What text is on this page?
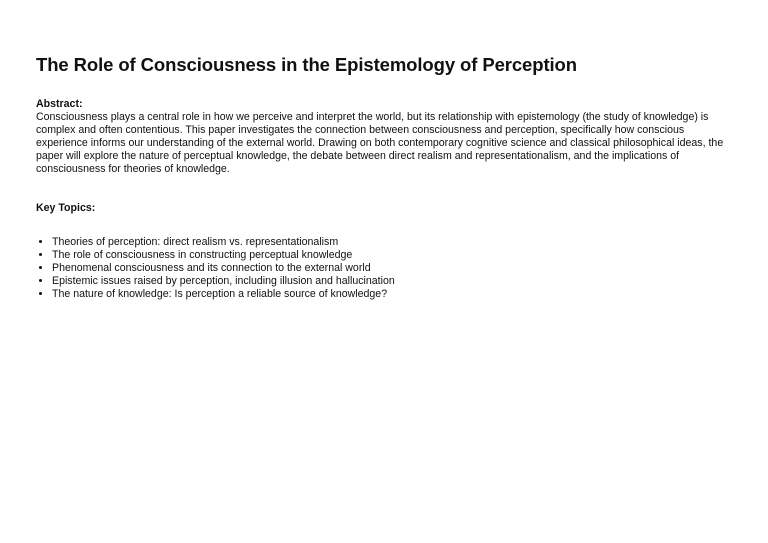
The Role of Consciousness in the Epistemology of Perception
Abstract:
Consciousness plays a central role in how we perceive and interpret the world, but its relationship with epistemology (the study of knowledge) is complex and often contentious. This paper investigates the connection between consciousness and perception, specifically how conscious experience informs our understanding of the external world. Drawing on both contemporary cognitive science and classical philosophical ideas, the paper will explore the nature of perceptual knowledge, the debate between direct realism and representationalism, and the implications of consciousness for theories of knowledge.
Key Topics:
• Theories of perception: direct realism vs. representationalism
• The role of consciousness in constructing perceptual knowledge
• Phenomenal consciousness and its connection to the external world
• Epistemic issues raised by perception, including illusion and hallucination
• The nature of knowledge: Is perception a reliable source of knowledge?
